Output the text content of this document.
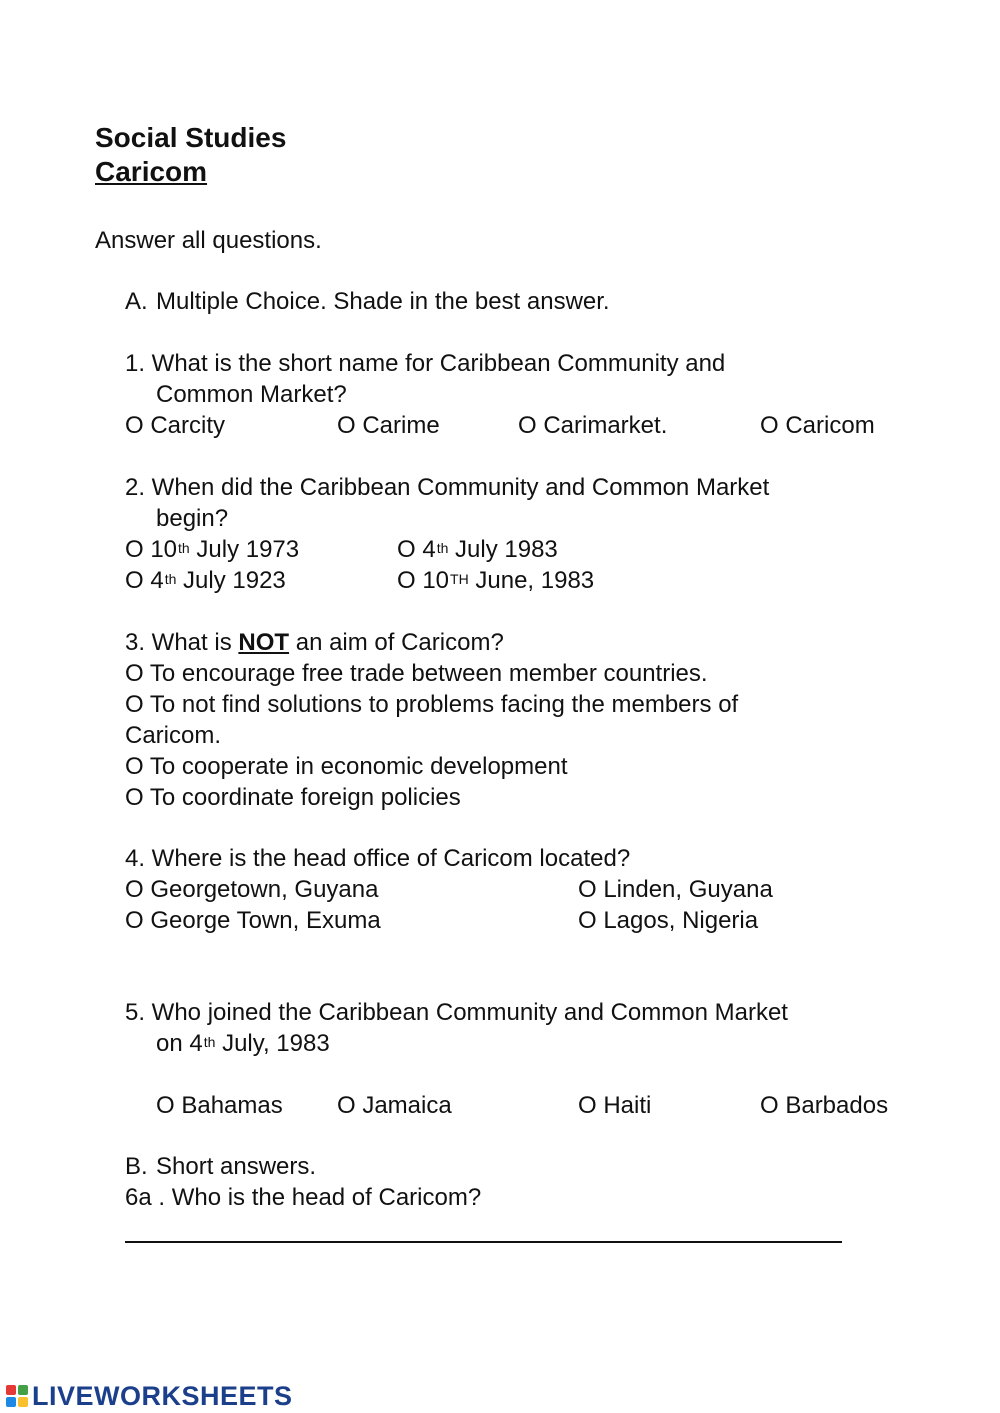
Social Studies
Caricom
Answer all questions.
A. Multiple Choice. Shade in the best answer.
1. What is the short name for Caribbean Community and
Common Market?
O Carcity	O Carime	O Carimarket.	O Caricom
2. When did the Caribbean Community and Common Market
begin?
O 10th July 1973	O 4th July 1983
O 4th July 1923	O 10TH June, 1983
3. What is NOT an aim of Caricom?
O To encourage free trade between member countries.
O To not find solutions to problems facing the members of
Caricom.
O To cooperate in economic development
O To coordinate foreign policies
4. Where is the head office of Caricom located?
O Georgetown, Guyana	O Linden, Guyana
O George Town, Exuma	O Lagos, Nigeria
5. Who joined the Caribbean Community and Common Market
on 4th July, 1983
O Bahamas O Jamaica	O Haiti	O Barbados
B. Short answers.
6a . Who is the head of Caricom?
LIVEWORKSHEETS
